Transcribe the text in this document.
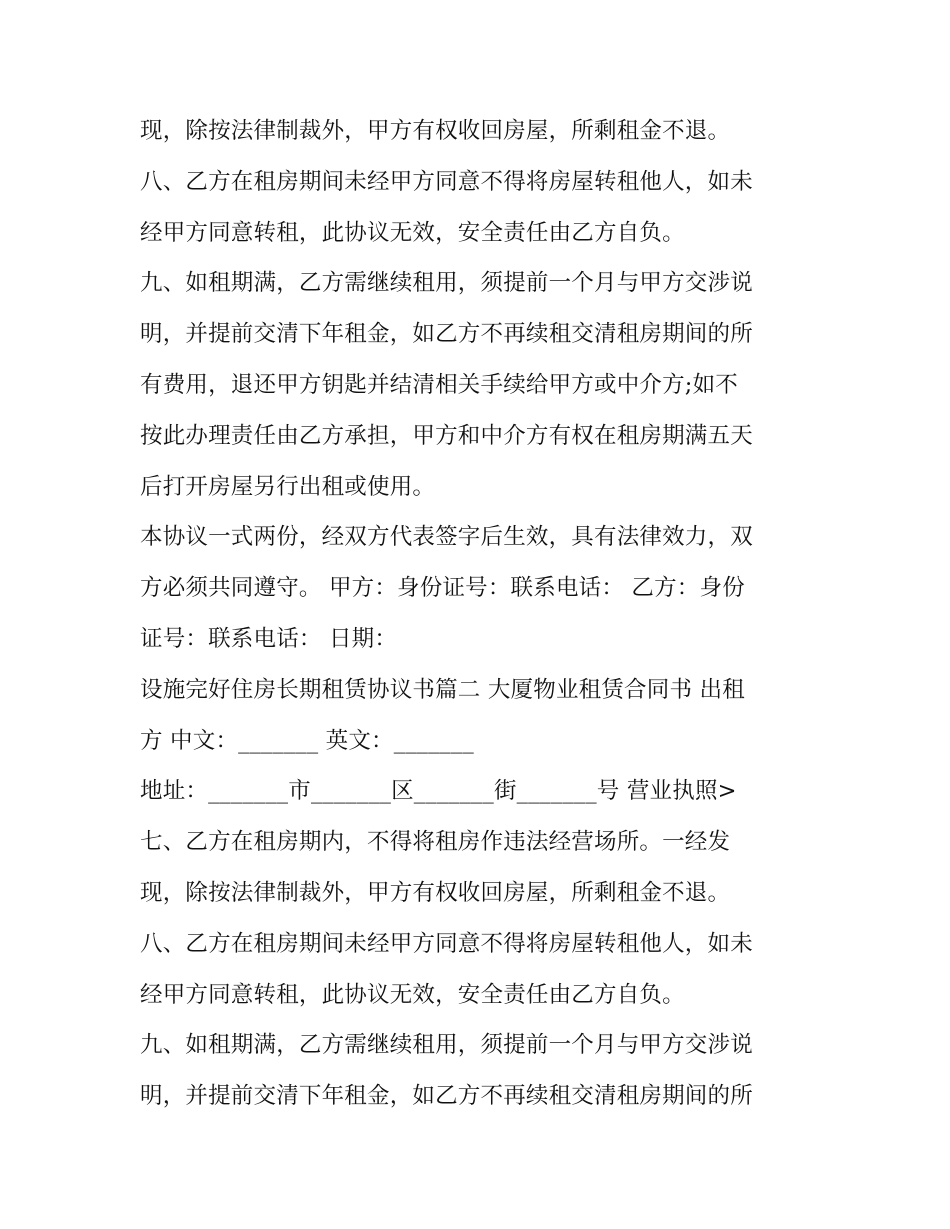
现，除按法律制裁外，甲方有权收回房屋，所剩租金不退。
八、乙方在租房期间未经甲方同意不得将房屋转租他人，如未
经甲方同意转租，此协议无效，安全责任由乙方自负。
九、如租期满，乙方需继续租用，须提前一个月与甲方交涉说
明，并提前交清下年租金，如乙方不再续租交清租房期间的所
有费用，退还甲方钥匙并结清相关手续给甲方或中介方;如不
按此办理责任由乙方承担，甲方和中介方有权在租房期满五天
后打开房屋另行出租或使用。
本协议一式两份，经双方代表签字后生效，具有法律效力，双
方必须共同遵守。 甲方：身份证号：联系电话： 乙方：身份
证号：联系电话： 日期：
设施完好住房长期租赁协议书篇二 大厦物业租赁合同书 出租
方 中文：_______ 英文：_______
地址：_______市_______区_______街_______号 营业执照>
七、乙方在租房期内，不得将租房作违法经营场所。一经发
现，除按法律制裁外，甲方有权收回房屋，所剩租金不退。
八、乙方在租房期间未经甲方同意不得将房屋转租他人，如未
经甲方同意转租，此协议无效，安全责任由乙方自负。
九、如租期满，乙方需继续租用，须提前一个月与甲方交涉说
明，并提前交清下年租金，如乙方不再续租交清租房期间的所
